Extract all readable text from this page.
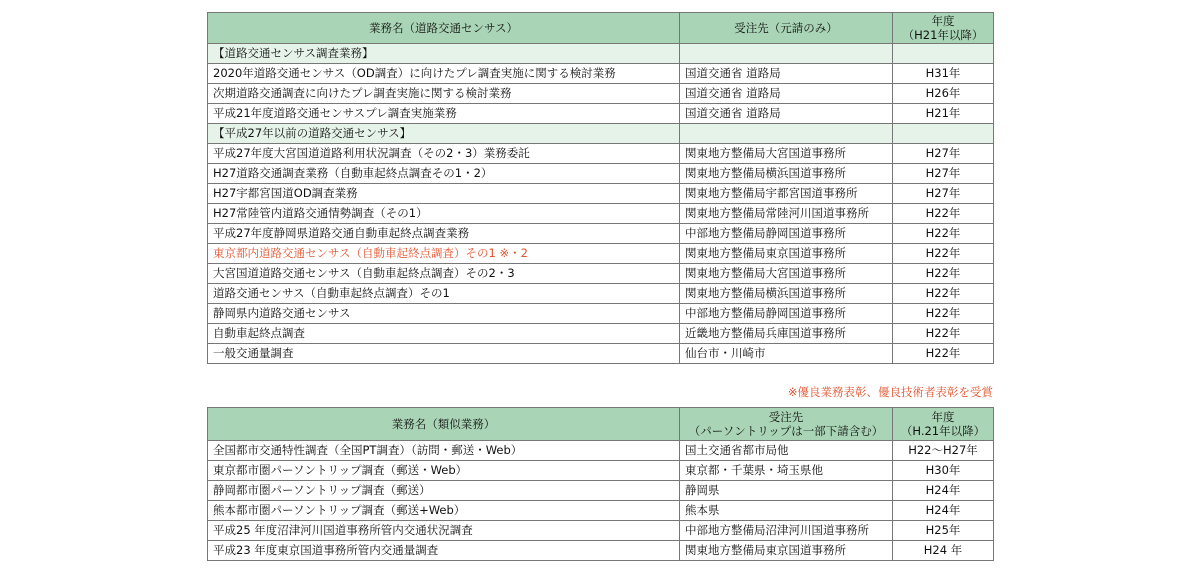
業務名（道路交通センサス）	受注先（元請のみ）	年度
（H21年以降）
【道路交通センサス調査業務】		
2020年道路交通センサス（OD調査）に向けたプレ調査実施に関する検討業務	国道交通省 道路局	H31年
次期道路交通調査に向けたプレ調査実施に関する検討業務	国道交通省 道路局	H26年
平成21年度道路交通センサスプレ調査実施業務	国道交通省 道路局	H21年
【平成27年以前の道路交通センサス】		
平成27年度大宮国道道路利用状況調査（その2・3）業務委託	関東地方整備局大宮国道事務所	H27年
H27道路交通調査業務（自動車起終点調査その1・2）	関東地方整備局横浜国道事務所	H27年
H27宇都宮国道OD調査業務	関東地方整備局宇都宮国道事務所	H27年
H27常陸管内道路交通情勢調査（その1）	関東地方整備局常陸河川国道事務所	H22年
平成27年度静岡県道路交通自動車起終点調査業務	中部地方整備局静岡国道事務所	H22年
東京都内道路交通センサス（自動車起終点調査）その1 ※・2	関東地方整備局東京国道事務所	H22年
大宮国道道路交通センサス（自動車起終点調査）その2・3	関東地方整備局大宮国道事務所	H22年
道路交通センサス（自動車起終点調査）その1	関東地方整備局横浜国道事務所	H22年
静岡県内道路交通センサス	中部地方整備局静岡国道事務所	H22年
自動車起終点調査	近畿地方整備局兵庫国道事務所	H22年
一般交通量調査	仙台市・川崎市	H22年
※優良業務表彰、優良技術者表彰を受賞
業務名（類似業務）	受注先
（パーソントリップは一部下請含む）	年度
（H.21年以降）
全国都市交通特性調査（全国PT調査）（訪問・郵送・Web）	国土交通省都市局他	H22～H27年
東京都市圏パーソントリップ調査（郵送・Web）	東京都・千葉県・埼玉県他	H30年
静岡都市圏パーソントリップ調査（郵送）	静岡県	H24年
熊本都市圏パーソントリップ調査（郵送+Web）	熊本県	H24年
平成25 年度沼津河川国道事務所管内交通状況調査	中部地方整備局沼津河川国道事務所	H25年
平成23 年度東京国道事務所管内交通量調査	関東地方整備局東京国道事務所	H24 年
